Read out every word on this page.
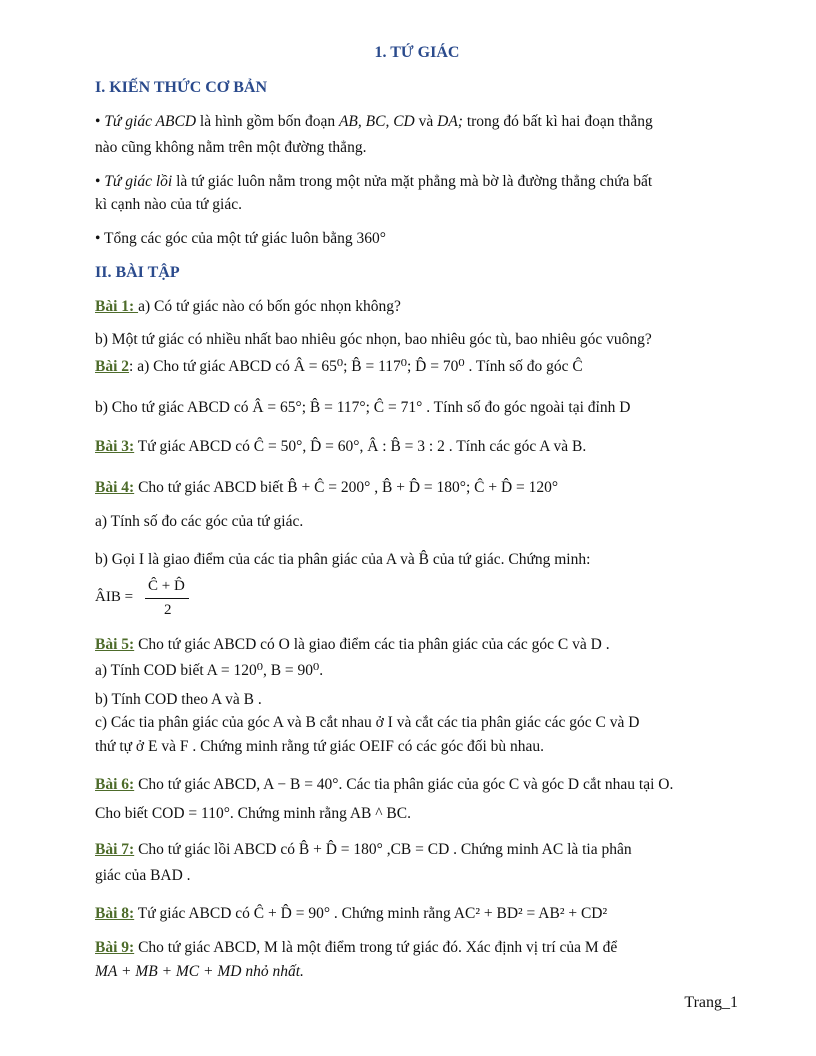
1. TỨ GIÁC
I. KIẾN THỨC CƠ BẢN
• Tứ giác ABCD là hình gồm bốn đoạn AB, BC, CD và DA; trong đó bất kì hai đoạn thẳng
nào cũng không nằm trên một đường thẳng.
• Tứ giác lồi là tứ giác luôn nằm trong một nửa mặt phẳng mà bờ là đường thẳng chứa bất
kì cạnh nào của tứ giác.
• Tổng các góc của một tứ giác luôn bằng 360°
II. BÀI TẬP
Bài 1: a) Có tứ giác nào có bốn góc nhọn không?
b) Một tứ giác có nhiều nhất bao nhiêu góc nhọn, bao nhiêu góc tù, bao nhiêu góc vuông?
Bài 2: a) Cho tứ giác ABCD có Â = 65⁰; B̂ = 117⁰; D̂ = 70⁰ . Tính số đo góc Ĉ
b) Cho tứ giác ABCD có Â = 65°; B̂ = 117°; Ĉ = 71° . Tính số đo góc ngoài tại đỉnh D
Bài 3: Tứ giác ABCD có Ĉ = 50°, D̂ = 60°, Â : B̂ = 3 : 2 . Tính các góc A và B.
Bài 4: Cho tứ giác ABCD biết B̂ + Ĉ = 200° , B̂ + D̂ = 180°; Ĉ + D̂ = 120°
a) Tính số đo các góc của tứ giác.
b) Gọi I là giao điểm của các tia phân giác của A và B̂ của tứ giác. Chứng minh:
ÂIB =
Ĉ + D̂
2
Bài 5: Cho tứ giác ABCD có O là giao điểm các tia phân giác của các góc C và D .
a) Tính COD biết A = 120⁰, B = 90⁰.
b) Tính COD theo A và B .
c) Các tia phân giác của góc A và B cắt nhau ở I và cắt các tia phân giác các góc C và D
thứ tự ở E và F . Chứng minh rằng tứ giác OEIF có các góc đối bù nhau.
Bài 6: Cho tứ giác ABCD, A − B = 40°. Các tia phân giác của góc C và góc D cắt nhau tại O.
Cho biết COD = 110°. Chứng minh rằng AB ^ BC.
Bài 7: Cho tứ giác lồi ABCD có B̂ + D̂ = 180° ,CB = CD . Chứng minh AC là tia phân
giác của BAD .
Bài 8: Tứ giác ABCD có Ĉ + D̂ = 90° . Chứng minh rằng AC² + BD² = AB² + CD²
Bài 9: Cho tứ giác ABCD, M là một điểm trong tứ giác đó. Xác định vị trí của M để
MA + MB + MC + MD nhỏ nhất.
Trang_1
